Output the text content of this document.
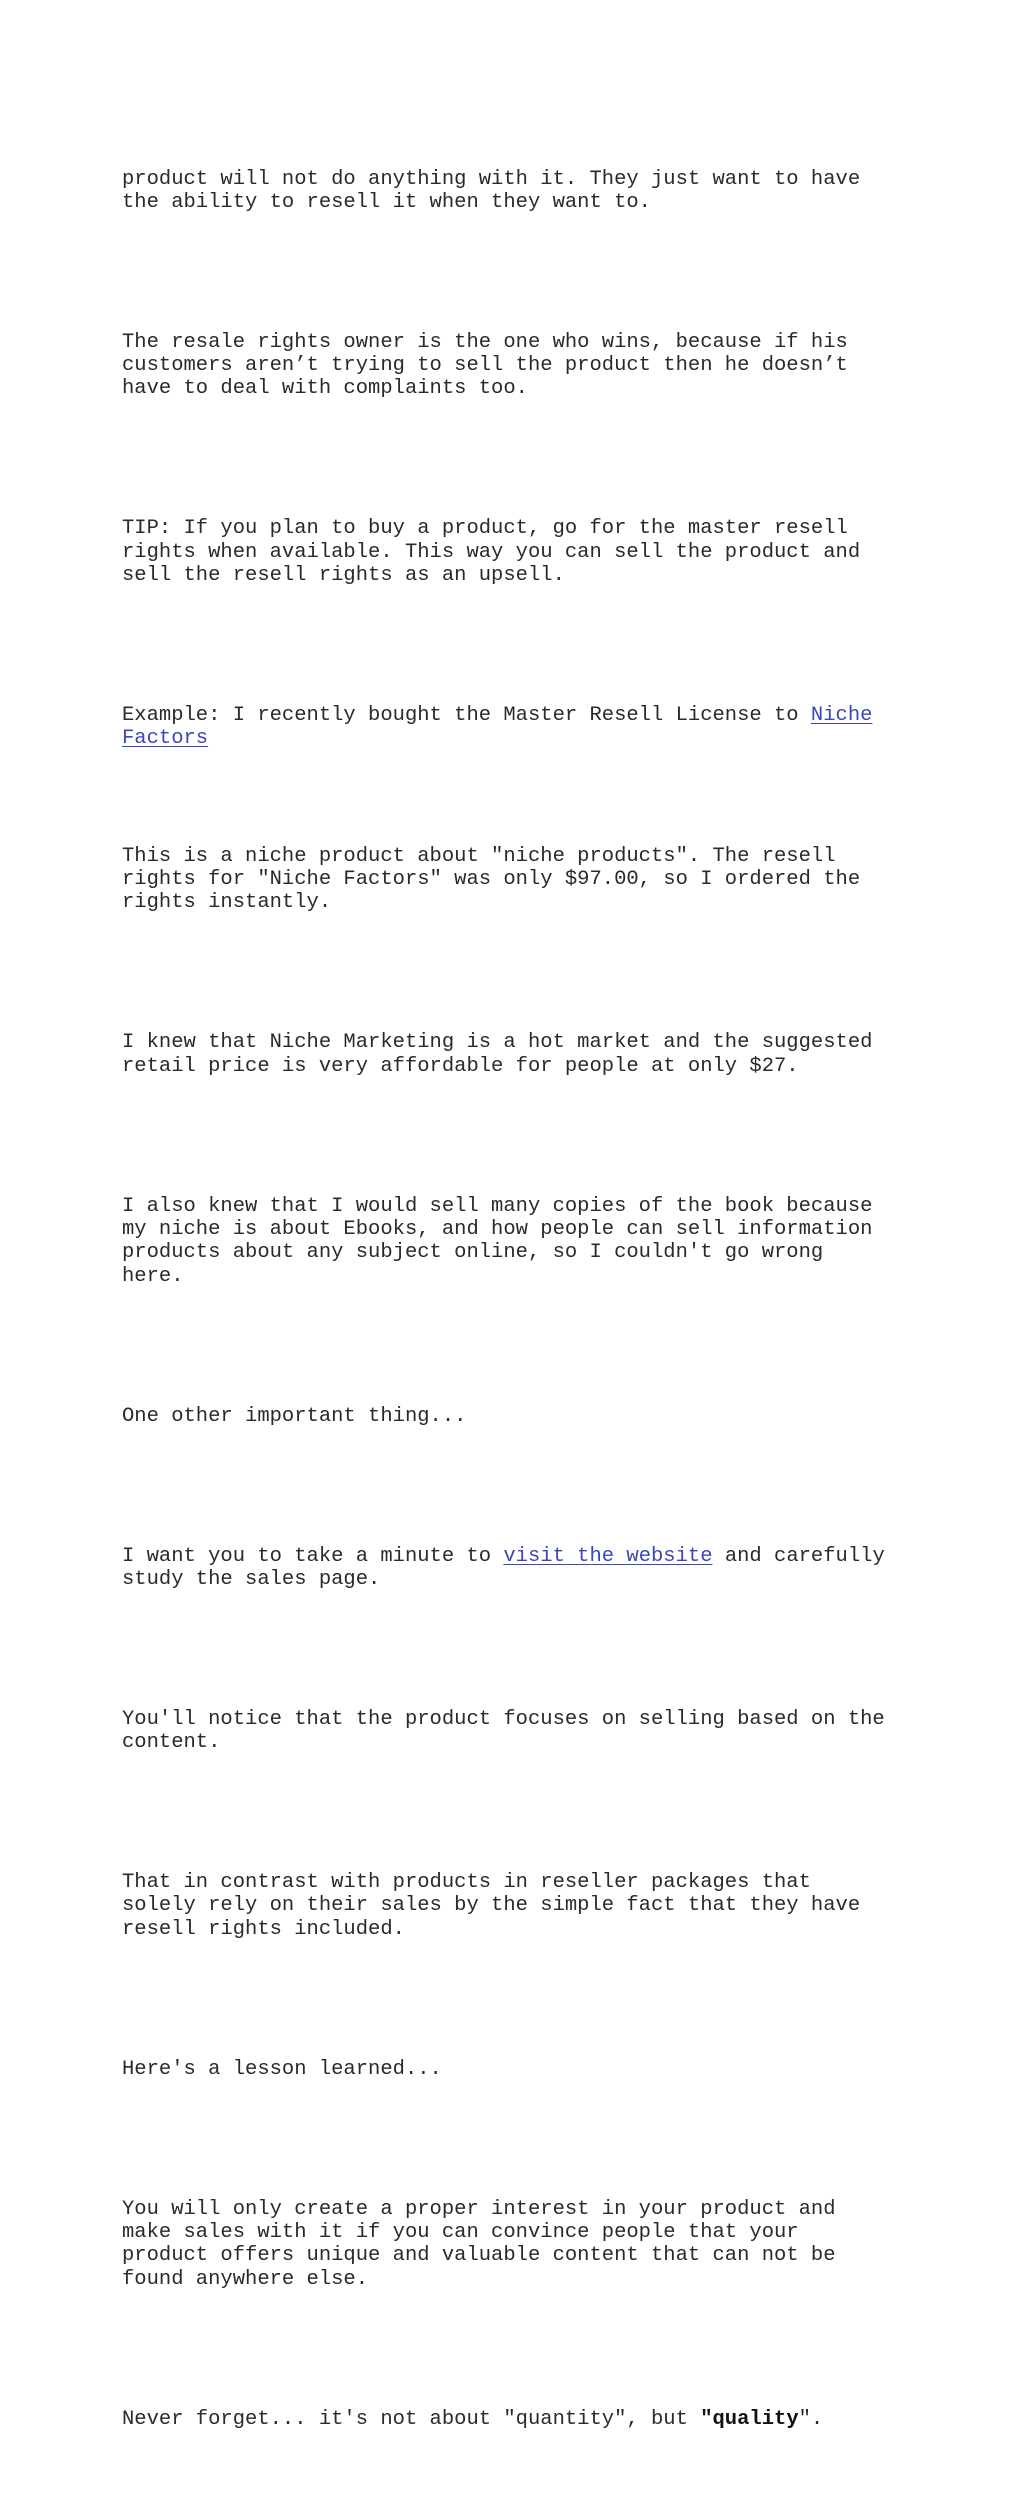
product will not do anything with it. They just want to have
the ability to resell it when they want to.

The resale rights owner is the one who wins, because if his
customers aren’t trying to sell the product then he doesn’t
have to deal with complaints too.

TIP: If you plan to buy a product, go for the master resell
rights when available. This way you can sell the product and
sell the resell rights as an upsell.

Example: I recently bought the Master Resell License to Niche
Factors

This is a niche product about "niche products". The resell
rights for "Niche Factors" was only $97.00, so I ordered the
rights instantly.

I knew that Niche Marketing is a hot market and the suggested
retail price is very affordable for people at only $27.

I also knew that I would sell many copies of the book because
my niche is about Ebooks, and how people can sell information
products about any subject online, so I couldn't go wrong
here.

One other important thing...

I want you to take a minute to visit the website and carefully
study the sales page.

You'll notice that the product focuses on selling based on the
content.

That in contrast with products in reseller packages that
solely rely on their sales by the simple fact that they have
resell rights included.

Here's a lesson learned...

You will only create a proper interest in your product and
make sales with it if you can convince people that your
product offers unique and valuable content that can not be
found anywhere else.

Never forget... it's not about "quantity", but "quality".
